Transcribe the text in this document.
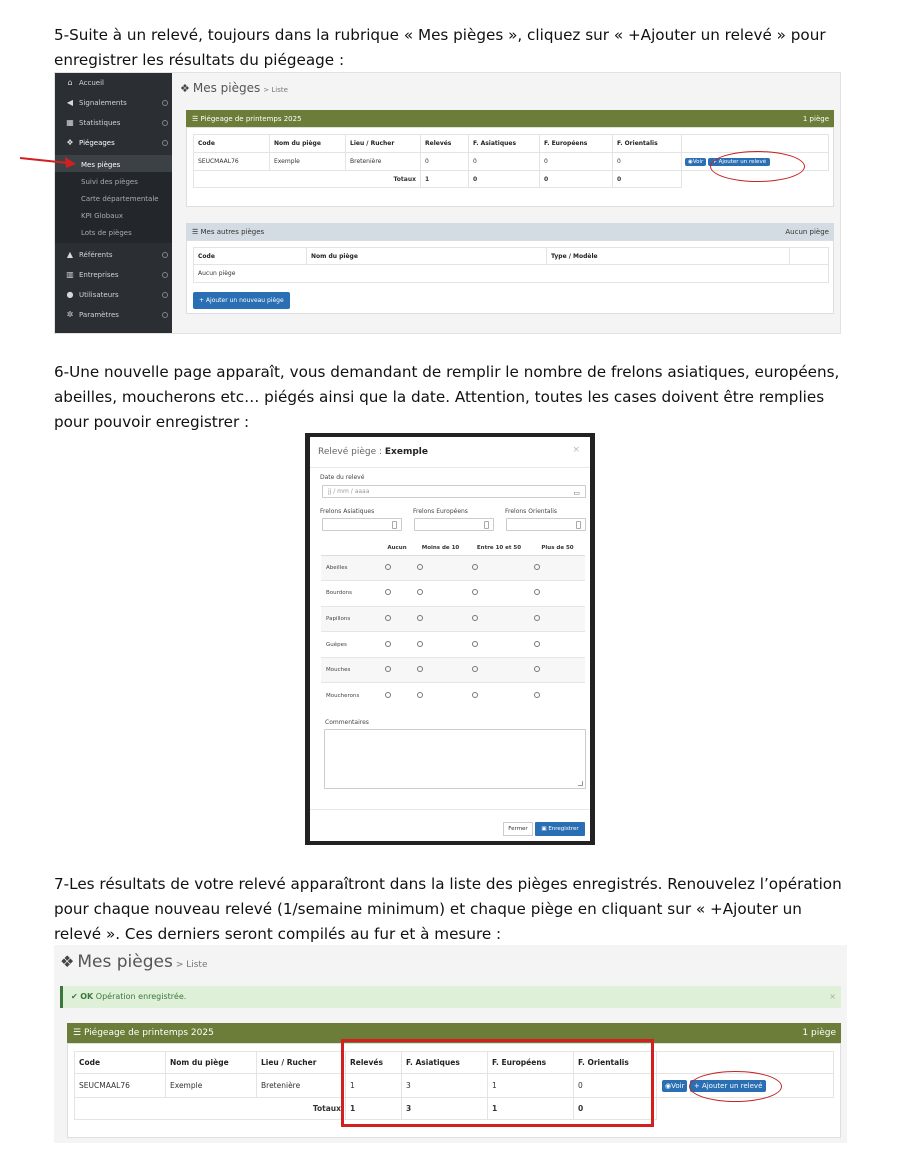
5-Suite à un relevé, toujours dans la rubrique « Mes pièges », cliquez sur « +Ajouter un relevé » pour enregistrer les résultats du piégeage :
⌂ Accueil
◀ Signalements
▦ Statistiques
❖ Piégeages
Mes pièges
Suivi des pièges
Carte départementale
KPI Globaux
Lots de pièges
▲ Référents
▥ Entreprises
● Utilisateurs
✲ Paramètres
❖ Mes pièges > Liste
☰ Piégeage de printemps 2025	1 piège
Code	Nom du piège	Lieu / Rucher	Relevés	F. Asiatiques	F. Européens	F. Orientalis	
SEUCMAAL76	Exemple	Bretenière	0	0	0	0	◉Voir + Ajouter un relevé
Totaux			1	0	0	0	
☰ Mes autres pièges	Aucun piège
Code	Nom du piège	Type / Modèle	
Aucun piège
+ Ajouter un nouveau piège
6-Une nouvelle page apparaît, vous demandant de remplir le nombre de frelons asiatiques, européens, abeilles, moucherons etc… piégés ainsi que la date. Attention, toutes les cases doivent être remplies pour pouvoir enregistrer :
Relevé piège : Exemple	×
Date du relevé
jj / mm / aaaa	▭
Frelons Asiatiques	Frelons Européens	Frelons Orientalis
	Aucun	Moins de 10	Entre 10 et 50	Plus de 50
Abeilles				
Bourdons				
Papillons				
Guêpes				
Mouches				
Moucherons				
Commentaires
Fermer	▣ Enregistrer
7-Les résultats de votre relevé apparaîtront dans la liste des pièges enregistrés. Renouvelez l’opération pour chaque nouveau relevé (1/semaine minimum) et chaque piège en cliquant sur « +Ajouter un relevé ». Ces derniers seront compilés au fur et à mesure :
❖ Mes pièges > Liste
✔ OK Opération enregistrée.	×
☰ Piégeage de printemps 2025	1 piège
Code	Nom du piège	Lieu / Rucher	Relevés	F. Asiatiques	F. Européens	F. Orientalis	
SEUCMAAL76	Exemple	Bretenière	1	3	1	0	◉Voir + Ajouter un relevé
Totaux			1	3	1	0	
